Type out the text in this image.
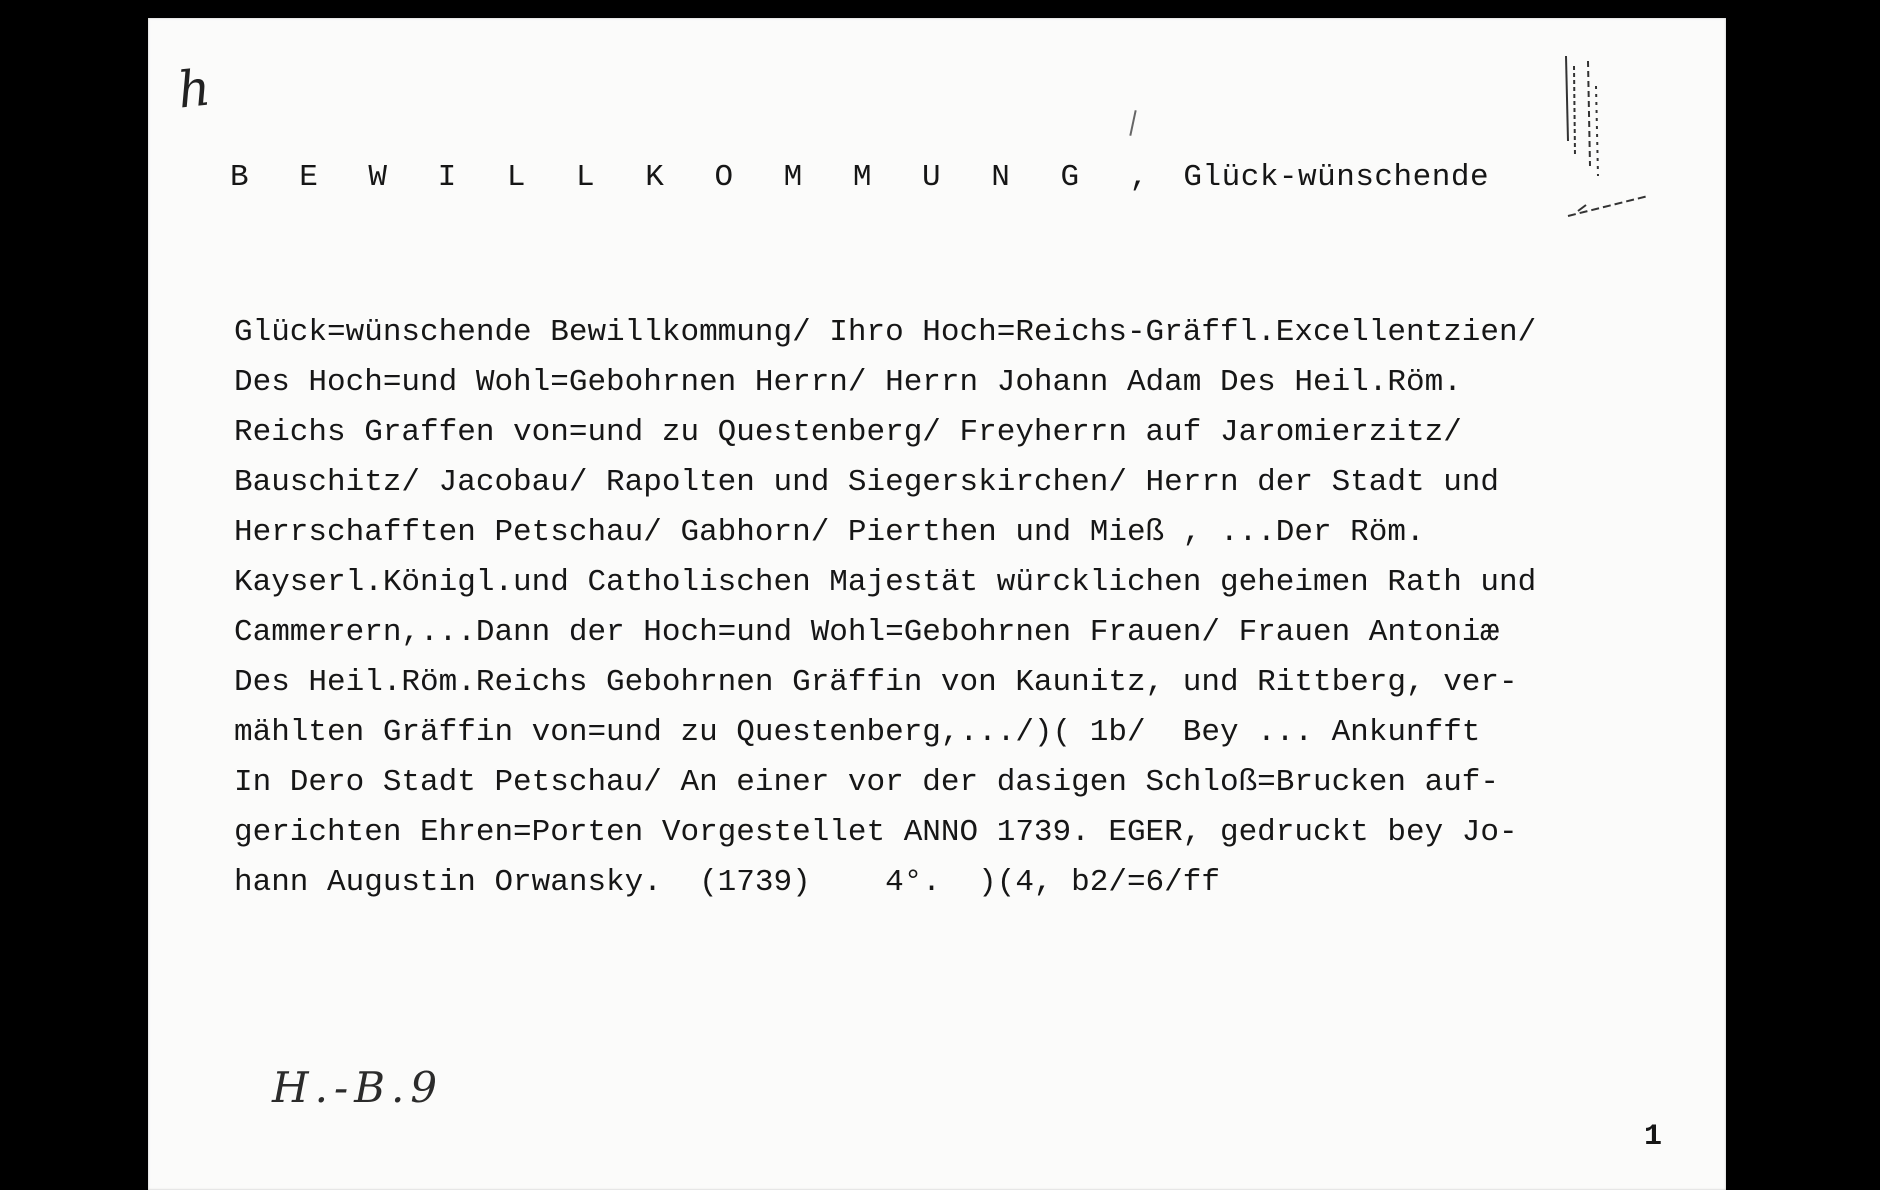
h
B E W I L L K O M M U N G , Glück-wünschende
Glück=wünschende Bewillkommung/ Ihro Hoch=Reichs-Gräffl.Excellentzien/
Des Hoch=und Wohl=Gebohrnen Herrn/ Herrn Johann Adam Des Heil.Röm.
Reichs Graffen von=und zu Questenberg/ Freyherrn auf Jaromierzitz/
Bauschitz/ Jacobau/ Rapolten und Siegerskirchen/ Herrn der Stadt und
Herrschafften Petschau/ Gabhorn/ Pierthen und Mieß , ...Der Röm.
Kayserl.Königl.und Catholischen Majestät würcklichen geheimen Rath und
Cammerern,...Dann der Hoch=und Wohl=Gebohrnen Frauen/ Frauen Antoniæ
Des Heil.Röm.Reichs Gebohrnen Gräffin von Kaunitz, und Rittberg, ver-
mählten Gräffin von=und zu Questenberg,.../)( 1b/  Bey ... Ankunfft
In Dero Stadt Petschau/ An einer vor der dasigen Schloß=Brucken auf-
gerichten Ehren=Porten Vorgestellet ANNO 1739. EGER, gedruckt bey Jo-
hann Augustin Orwansky.  (1739)    4°.  )(4, b2/=6/ff
H.-B.9
1
